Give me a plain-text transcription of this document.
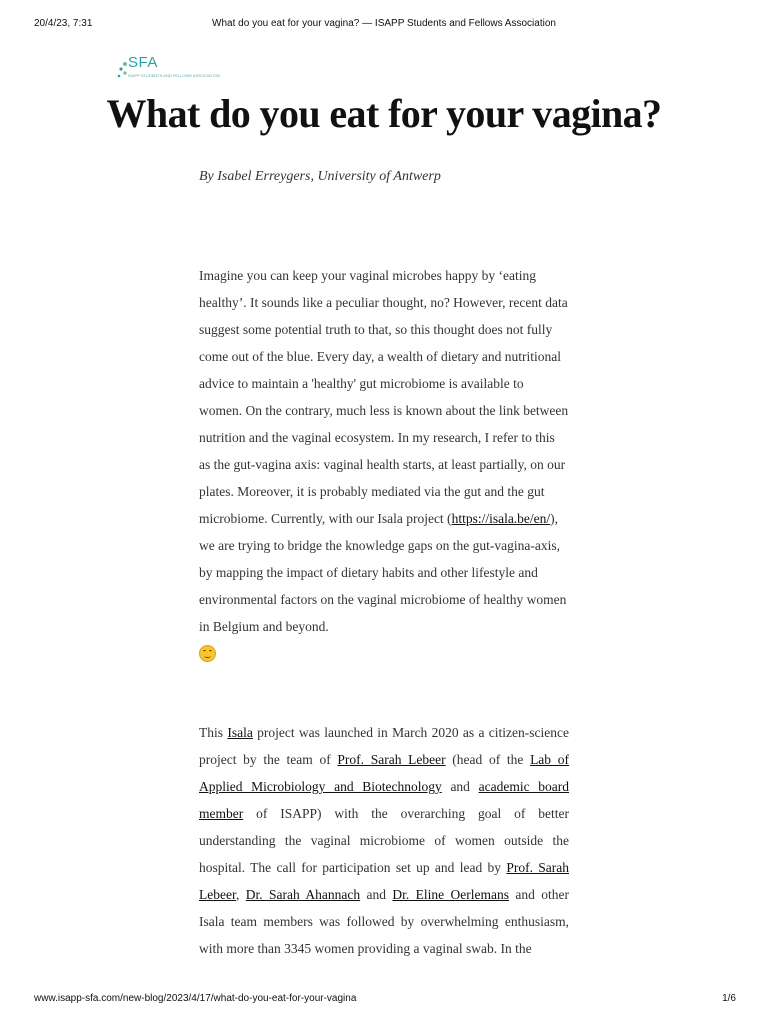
20/4/23, 7:31	What do you eat for your vagina? — ISAPP Students and Fellows Association
SFA
ISAPP STUDENTS AND FELLOWS ASSOCIATION
What do you eat for your vagina?
By Isabel Erreygers, University of Antwerp
Imagine you can keep your vaginal microbes happy by ‘eating healthy’. It sounds like a peculiar thought, no? However, recent data suggest some potential truth to that, so this thought does not fully come out of the blue. Every day, a wealth of dietary and nutritional advice to maintain a 'healthy' gut microbiome is available to women. On the contrary, much less is known about the link between nutrition and the vaginal ecosystem. In my research, I refer to this as the gut-vagina axis: vaginal health starts, at least partially, on our plates. Moreover, it is probably mediated via the gut and the gut microbiome. Currently, with our Isala project (https://isala.be/en/), we are trying to bridge the knowledge gaps on the gut-vagina-axis, by mapping the impact of dietary habits and other lifestyle and environmental factors on the vaginal microbiome of healthy women in Belgium and beyond.
This Isala project was launched in March 2020 as a citizen-science project by the team of Prof. Sarah Lebeer (head of the Lab of Applied Microbiology and Biotechnology and academic board member of ISAPP) with the overarching goal of better understanding the vaginal microbiome of women outside the hospital. The call for participation set up and lead by Prof. Sarah Lebeer, Dr. Sarah Ahannach and Dr. Eline Oerlemans and other Isala team members was followed by overwhelming enthusiasm, with more than 3345 women providing a vaginal swab. In the
www.isapp-sfa.com/new-blog/2023/4/17/what-do-you-eat-for-your-vagina	1/6
